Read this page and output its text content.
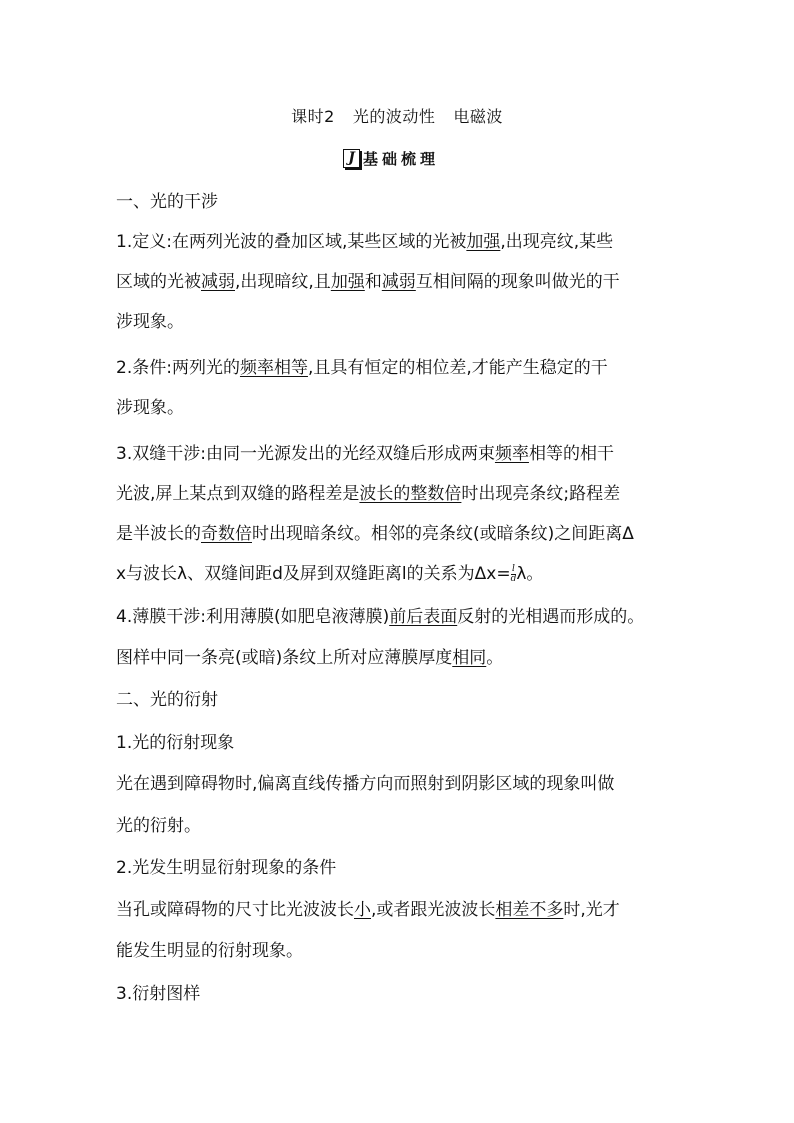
课时2 光的波动性 电磁波
J 基础梳理
一、光的干涉
1.定义:在两列光波的叠加区域,某些区域的光被加强,出现亮纹,某些
区域的光被减弱,出现暗纹,且加强和减弱互相间隔的现象叫做光的干
涉现象。
2.条件:两列光的频率相等,且具有恒定的相位差,才能产生稳定的干
涉现象。
3.双缝干涉:由同一光源发出的光经双缝后形成两束频率相等的相干
光波,屏上某点到双缝的路程差是波长的整数倍时出现亮条纹;路程差
是半波长的奇数倍时出现暗条纹。相邻的亮条纹(或暗条纹)之间距离Δ
x与波长λ、双缝间距d及屏到双缝距离l的关系为$\Delta x= \frac{l}{d}$ λ。
4.薄膜干涉:利用薄膜(如肥皂液薄膜)前后表面反射的光相遇而形成的。
图样中同一条亮(或暗)条纹上所对应薄膜厚度相同。
二、光的衍射
1.光的衍射现象
光在遇到障碍物时,偏离直线传播方向而照射到阴影区域的现象叫做
光的衍射。
2.光发生明显衍射现象的条件
当孔或障碍物的尺寸比光波波长小,或者跟光波波长相差不多时,光才
能发生明显的衍射现象。
3.衍射图样
